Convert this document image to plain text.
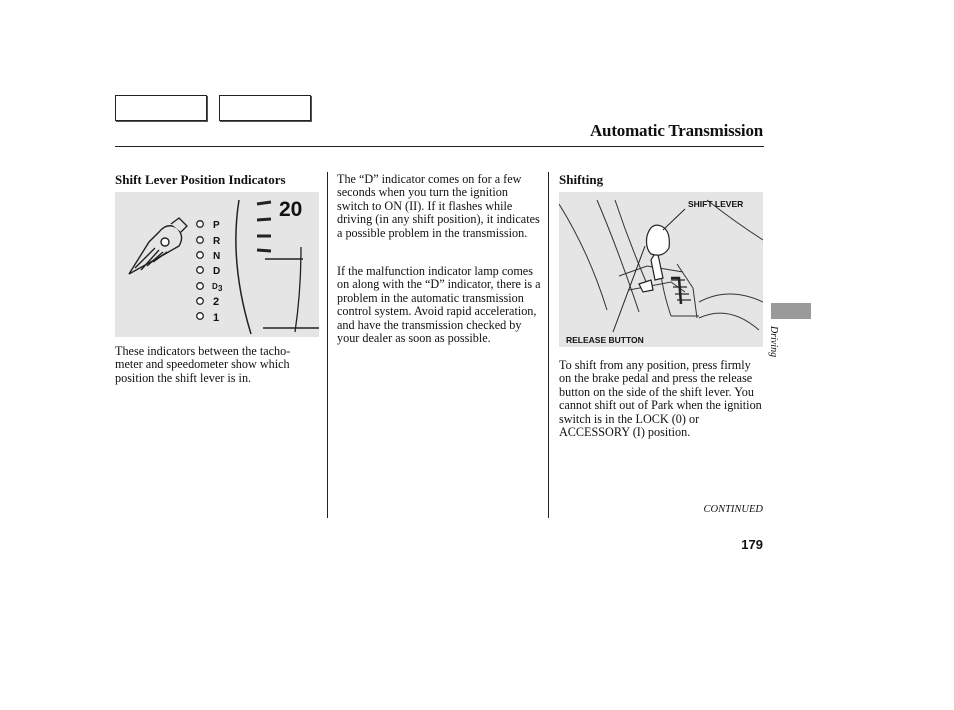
Automatic Transmission
Shift Lever Position Indicators
P
R
N
D
D 3
2
1
20
These indicators between the tacho- meter and speedometer show which position the shift lever is in.
The “D” indicator comes on for a few seconds when you turn the ignition switch to ON (II). If it flashes while driving (in any shift position), it indicates a possible problem in the transmission.
If the malfunction indicator lamp comes on along with the “D” indicator, there is a problem in the automatic transmission control system. Avoid rapid acceleration, and have the transmission checked by your dealer as soon as possible.
Shifting
SHIFT LEVER
RELEASE BUTTON
To shift from any position, press firmly on the brake pedal and press the release button on the side of the shift lever. You cannot shift out of Park when the ignition switch is in the LOCK (0) or ACCESSORY (I) position.
Driving
CONTINUED
179
